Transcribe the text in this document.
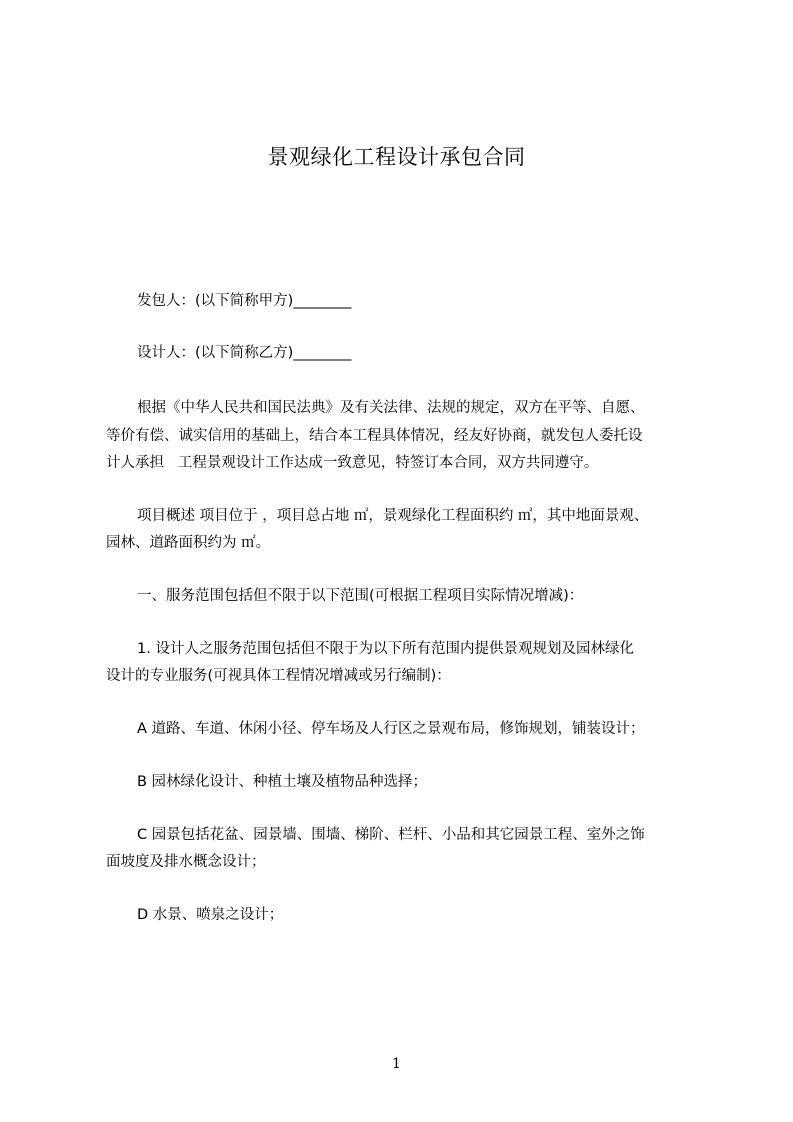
景观绿化工程设计承包合同
发包人：(以下简称甲方)________
设计人：(以下简称乙方)________
根据《中华人民共和国民法典》及有关法律、法规的规定，双方在平等、自愿、
等价有偿、诚实信用的基础上，结合本工程具体情况，经友好协商，就发包人委托设
计人承担   工程景观设计工作达成一致意见，特签订本合同，双方共同遵守。
项目概述 项目位于 ，项目总占地 ㎡，景观绿化工程面积约 ㎡，其中地面景观、
园林、道路面积约为 ㎡。
一、服务范围包括但不限于以下范围(可根据工程项目实际情况增减)：
1. 设计人之服务范围包括但不限于为以下所有范围内提供景观规划及园林绿化
设计的专业服务(可视具体工程情况增减或另行编制)：
A 道路、车道、休闲小径、停车场及人行区之景观布局，修饰规划，铺装设计；
B 园林绿化设计、种植土壤及植物品种选择；
C 园景包括花盆、园景墙、围墙、梯阶、栏杆、小品和其它园景工程、室外之饰
面坡度及排水概念设计；
D 水景、喷泉之设计；
1
